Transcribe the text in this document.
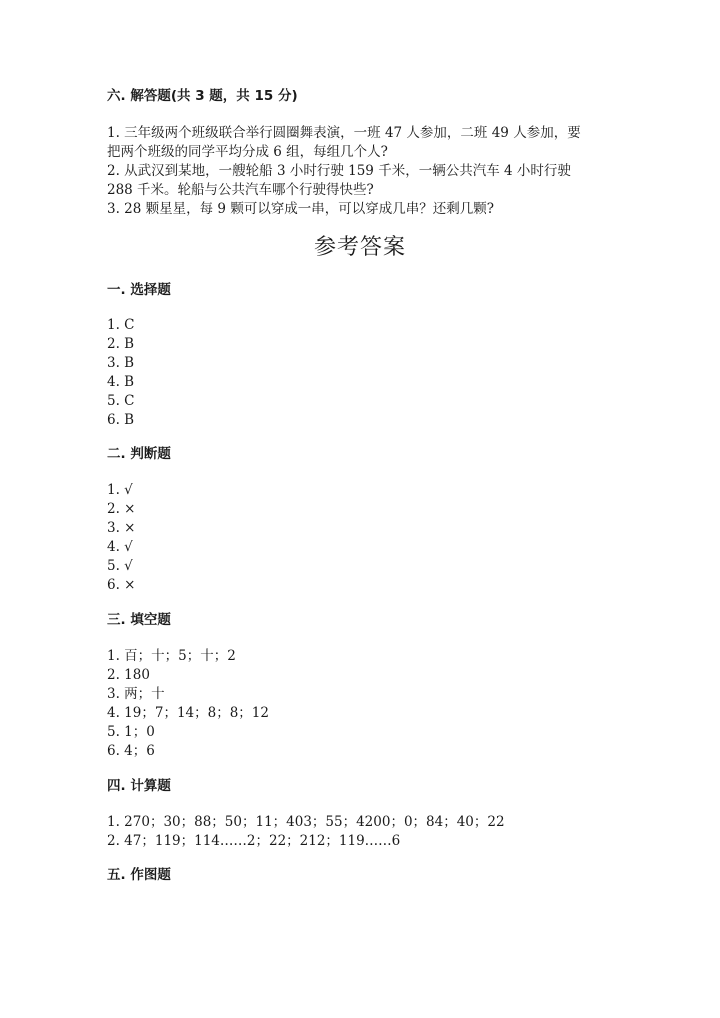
六. 解答题(共 3 题，共 15 分)
1. 三年级两个班级联合举行圆圈舞表演，一班 47 人参加，二班 49 人参加，要
把两个班级的同学平均分成 6 组，每组几个人?
2. 从武汉到某地，一艘轮船 3 小时行驶 159 千米，一辆公共汽车 4 小时行驶
288 千米。轮船与公共汽车哪个行驶得快些?
3. 28 颗星星，每 9 颗可以穿成一串，可以穿成几串？还剩几颗?
参考答案
一. 选择题
1. C
2. B
3. B
4. B
5. C
6. B
二. 判断题
1. √
2. ×
3. ×
4. √
5. √
6. ×
三. 填空题
1. 百；十；5；十；2
2. 180
3. 两；十
4. 19；7；14；8；8；12
5. 1；0
6. 4；6
四. 计算题
1. 270；30；88；50；11；403；55；4200；0；84；40；22
2. 47；119；114……2；22；212；119……6
五. 作图题
